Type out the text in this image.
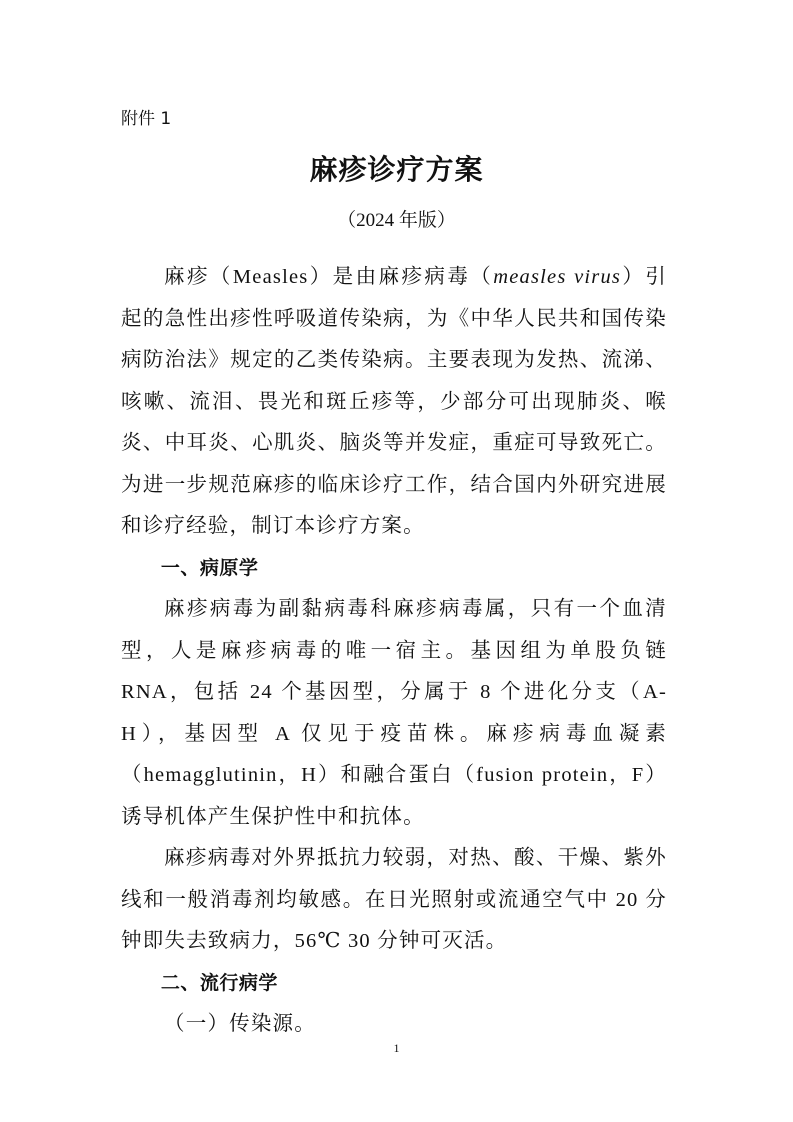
附件 1
麻疹诊疗方案
（2024 年版）

麻疹（Measles）是由麻疹病毒（measles virus）引起的急性出疹性呼吸道传染病，为《中华人民共和国传染病防治法》规定的乙类传染病。主要表现为发热、流涕、咳嗽、流泪、畏光和斑丘疹等，少部分可出现肺炎、喉炎、中耳炎、心肌炎、脑炎等并发症，重症可导致死亡。为进一步规范麻疹的临床诊疗工作，结合国内外研究进展和诊疗经验，制订本诊疗方案。

一、病原学

麻疹病毒为副黏病毒科麻疹病毒属，只有一个血清型，人是麻疹病毒的唯一宿主。基因组为单股负链 RNA，包括 24 个基因型，分属于 8 个进化分支（A-H），基因型 A 仅见于疫苗株。麻疹病毒血凝素（hemagglutinin，H）和融合蛋白（fusion protein，F）诱导机体产生保护性中和抗体。

麻疹病毒对外界抵抗力较弱，对热、酸、干燥、紫外线和一般消毒剂均敏感。在日光照射或流通空气中 20 分钟即失去致病力，56℃ 30 分钟可灭活。

二、流行病学

（一）传染源。

1
